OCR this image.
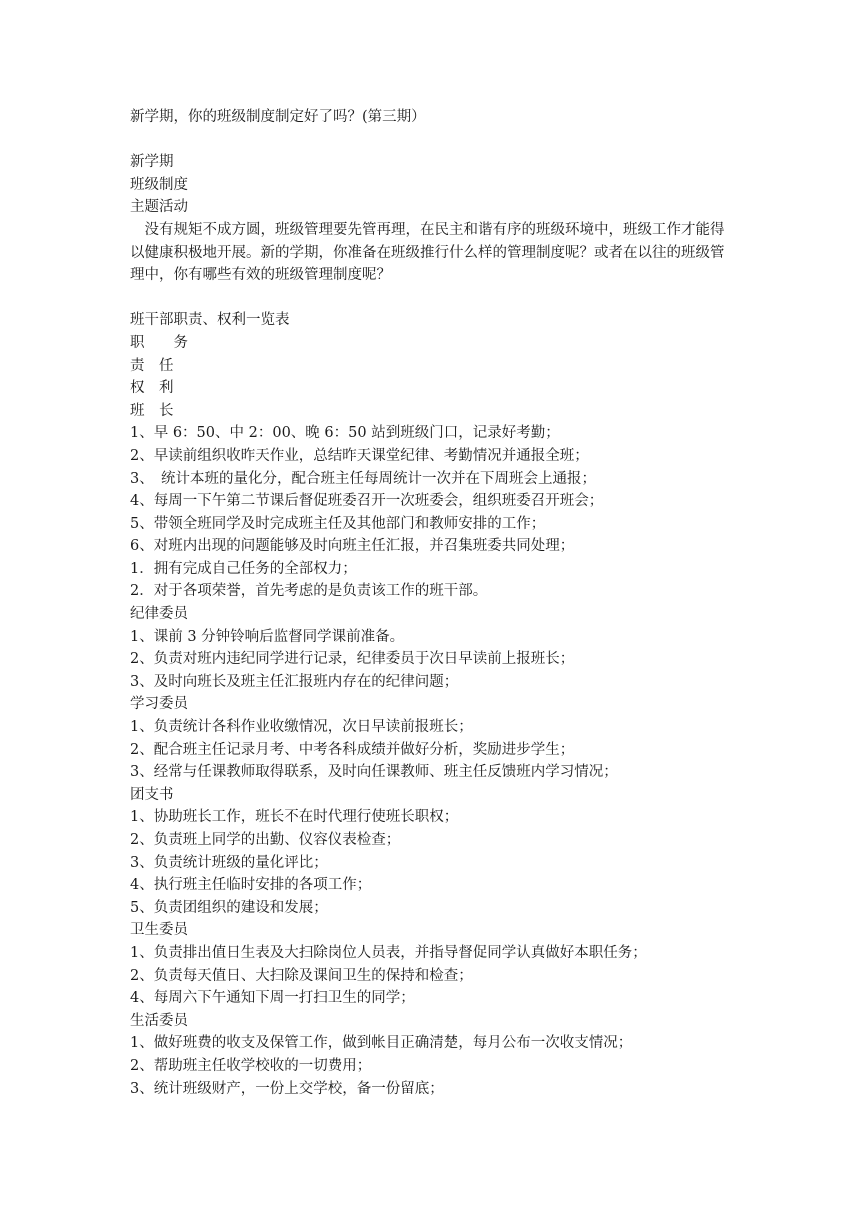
新学期，你的班级制度制定好了吗？(第三期）
新学期
班级制度
主题活动
没有规矩不成方圆，班级管理要先管再理，在民主和谐有序的班级环境中，班级工作才能得以健康积极地开展。新的学期，你准备在班级推行什么样的管理制度呢？或者在以往的班级管理中，你有哪些有效的班级管理制度呢？
班干部职责、权利一览表
职　　务
责　任
权　利
班　长
1、早 6：50、中 2：00、晚 6：50 站到班级门口，记录好考勤；
2、早读前组织收昨天作业，总结昨天课堂纪律、考勤情况并通报全班；
3、　统计本班的量化分，配合班主任每周统计一次并在下周班会上通报；
4、每周一下午第二节课后督促班委召开一次班委会，组织班委召开班会；
5、带领全班同学及时完成班主任及其他部门和教师安排的工作；
6、对班内出现的问题能够及时向班主任汇报，并召集班委共同处理；
1．拥有完成自己任务的全部权力；
2．对于各项荣誉，首先考虑的是负责该工作的班干部。
纪律委员
1、课前 3 分钟铃响后监督同学课前准备。
2、负责对班内违纪同学进行记录，纪律委员于次日早读前上报班长；
3、及时向班长及班主任汇报班内存在的纪律问题；
学习委员
1、负责统计各科作业收缴情况，次日早读前报班长；
2、配合班主任记录月考、中考各科成绩并做好分析，奖励进步学生；
3、经常与任课教师取得联系，及时向任课教师、班主任反馈班内学习情况；
团支书
1、协助班长工作，班长不在时代理行使班长职权；
2、负责班上同学的出勤、仪容仪表检查；
3、负责统计班级的量化评比；
4、执行班主任临时安排的各项工作；
5、负责团组织的建设和发展；
卫生委员
1、负责排出值日生表及大扫除岗位人员表，并指导督促同学认真做好本职任务；
2、负责每天值日、大扫除及课间卫生的保持和检查；
4、每周六下午通知下周一打扫卫生的同学；
生活委员
1、做好班费的收支及保管工作，做到帐目正确清楚，每月公布一次收支情况；
2、帮助班主任收学校收的一切费用；
3、统计班级财产，一份上交学校，备一份留底；
